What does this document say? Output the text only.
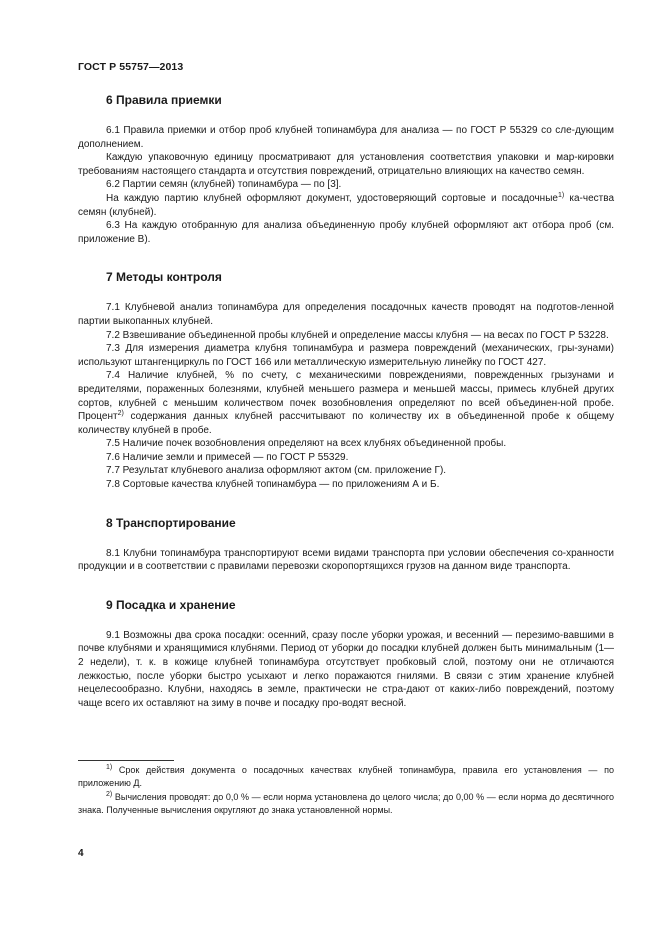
ГОСТ Р 55757—2013
6 Правила приемки

6.1 Правила приемки и отбор проб клубней топинамбура для анализа — по ГОСТ Р 55329 со сле-дующим дополнением.

Каждую упаковочную единицу просматривают для установления соответствия упаковки и мар-кировки требованиям настоящего стандарта и отсутствия повреждений, отрицательно влияющих на качество семян.

6.2 Партии семян (клубней) топинамбура — по [3].

На каждую партию клубней оформляют документ, удостоверяющий сортовые и посадочные$^{1)}$ ка-чества семян (клубней).

6.3 На каждую отобранную для анализа объединенную пробу клубней оформляют акт отбора проб (см. приложение В).

7 Методы контроля

7.1 Клубневой анализ топинамбура для определения посадочных качеств проводят на подготов-ленной партии выкопанных клубней.

7.2 Взвешивание объединенной пробы клубней и определение массы клубня — на весах по ГОСТ Р 53228.

7.3 Для измерения диаметра клубня топинамбура и размера повреждений (механических, гры-зунами) используют штангенциркуль по ГОСТ 166 или металлическую измерительную линейку по ГОСТ 427.

7.4 Наличие клубней, % по счету, с механическими повреждениями, поврежденных грызунами и вредителями, пораженных болезнями, клубней меньшего размера и меньшей массы, примесь клубней других сортов, клубней с меньшим количеством почек возобновления определяют по всей объединен-ной пробе. Процент$^{2)}$ содержания данных клубней рассчитывают по количеству их в объединенной пробе к общему количеству клубней в пробе.

7.5 Наличие почек возобновления определяют на всех клубнях объединенной пробы.

7.6 Наличие земли и примесей — по ГОСТ Р 55329.

7.7 Результат клубневого анализа оформляют актом (см. приложение Г).

7.8 Сортовые качества клубней топинамбура — по приложениям А и Б.

8 Транспортирование

8.1 Клубни топинамбура транспортируют всеми видами транспорта при условии обеспечения со-хранности продукции и в соответствии с правилами перевозки скоропортящихся грузов на данном виде транспорта.

9 Посадка и хранение

9.1 Возможны два срока посадки: осенний, сразу после уборки урожая, и весенний — перезимо-вавшими в почве клубнями и хранящимися клубнями. Период от уборки до посадки клубней должен быть минимальным (1—2 недели), т. к. в кожице клубней топинамбура отсутствует пробковый слой, поэтому они не отличаются лежкостью, после уборки быстро усыхают и легко поражаются гнилями. В связи с этим хранение клубней нецелесообразно. Клубни, находясь в земле, практически не стра-дают от каких-либо повреждений, поэтому чаще всего их оставляют на зиму в почве и посадку про-водят весной.

$^{1)}$ Срок действия документа о посадочных качествах клубней топинамбура, правила его установления — по приложению Д.

$^{2)}$ Вычисления проводят: до 0,0 % — если норма установлена до целого числа; до 0,00 % — если норма до десятичного знака. Полученные вычисления округляют до знака установленной нормы.

4
